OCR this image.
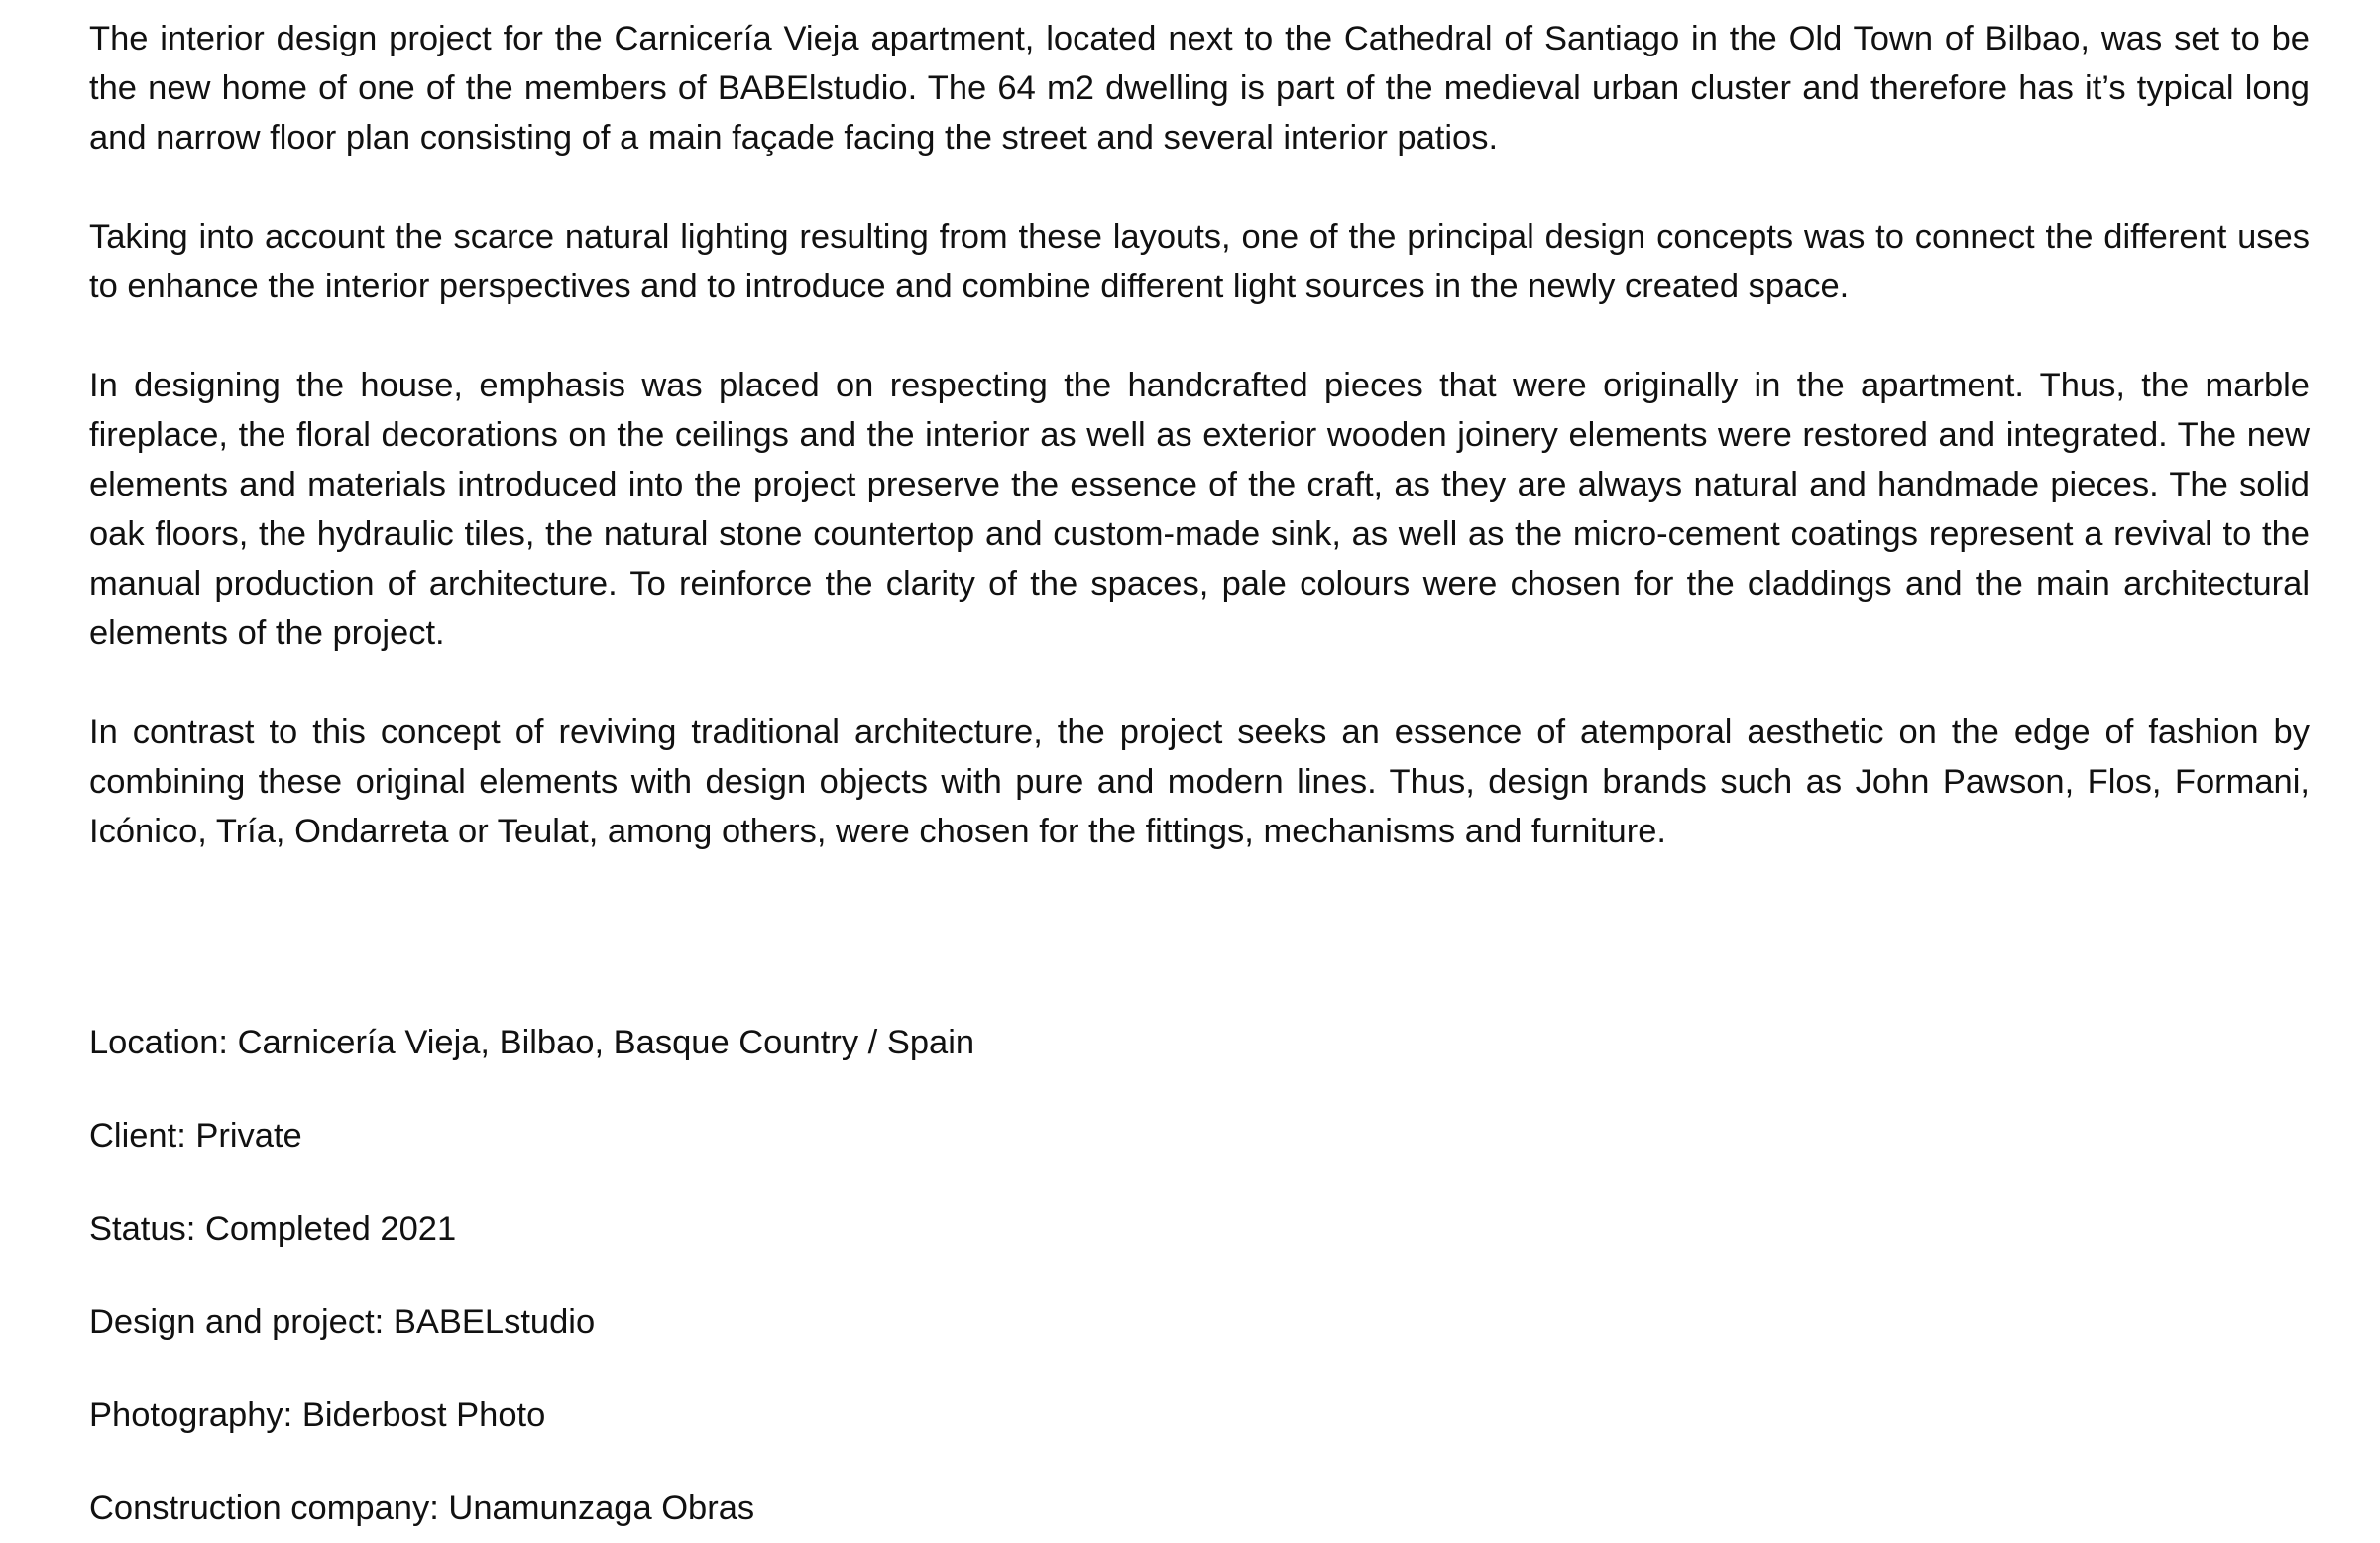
The interior design project for the Carnicería Vieja apartment, located next to the Cathedral of Santiago in the Old Town of Bilbao, was set to be the new home of one of the members of BABElstudio. The 64 m2 dwelling is part of the medieval urban cluster and therefore has it’s typical long and narrow floor plan consisting of a main façade facing the street and several interior patios.

Taking into account the scarce natural lighting resulting from these layouts, one of the principal design concepts was to connect the different uses to enhance the interior perspectives and to introduce and combine different light sources in the newly created space.

In designing the house, emphasis was placed on respecting the handcrafted pieces that were originally in the apartment. Thus, the marble fireplace, the floral decorations on the ceilings and the interior as well as exterior wooden joinery elements were restored and integrated. The new elements and materials introduced into the project preserve the essence of the craft, as they are always natural and handmade pieces. The solid oak floors, the hydraulic tiles, the natural stone countertop and custom-made sink, as well as the micro-cement coatings represent a revival to the manual production of architecture. To reinforce the clarity of the spaces, pale colours were chosen for the claddings and the main architectural elements of the project.

In contrast to this concept of reviving traditional architecture, the project seeks an essence of atemporal aesthetic on the edge of fashion by combining these original elements with design objects with pure and modern lines. Thus, design brands such as John Pawson, Flos, Formani, Icónico, Tría, Ondarreta or Teulat, among others, were chosen for the fittings, mechanisms and furniture.

Location: Carnicería Vieja, Bilbao, Basque Country / Spain
Client: Private
Status: Completed 2021
Design and project: BABELstudio
Photography: Biderbost Photo
Construction company: Unamunzaga Obras
